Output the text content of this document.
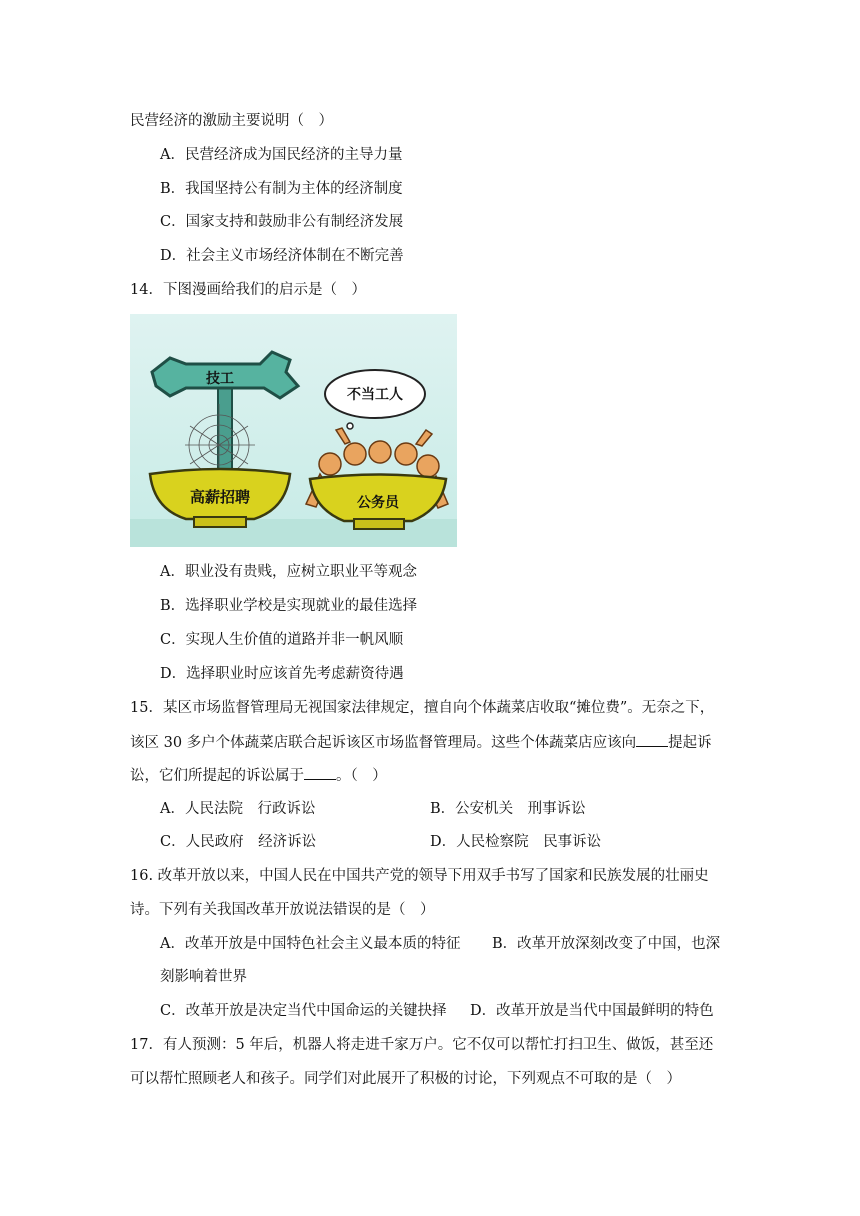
民营经济的激励主要说明（　）
A．民营经济成为国民经济的主导力量
B．我国坚持公有制为主体的经济制度
C．国家支持和鼓励非公有制经济发展
D．社会主义市场经济体制在不断完善
14．下图漫画给我们的启示是（　）
技工
高薪招聘
不当工人
公务员
A．职业没有贵贱，应树立职业平等观念
B．选择职业学校是实现就业的最佳选择
C．实现人生价值的道路并非一帆风顺
D．选择职业时应该首先考虑薪资待遇
15．某区市场监督管理局无视国家法律规定，擅自向个体蔬菜店收取“摊位费”。无奈之下，
该区 30 多户个体蔬菜店联合起诉该区市场监督管理局。这些个体蔬菜店应该向 提起诉
讼，它们所提起的诉讼属于 。（　）
A．人民法院　行政诉讼	B．公安机关　刑事诉讼
C．人民政府　经济诉讼	D．人民检察院　民事诉讼
16. 改革开放以来，中国人民在中国共产党的领导下用双手书写了国家和民族发展的壮丽史
诗。下列有关我国改革开放说法错误的是（　）
A．改革开放是中国特色社会主义最本质的特征 B．改革开放深刻改变了中国，也深
刻影响着世界
C．改革开放是决定当代中国命运的关键抉择 D．改革开放是当代中国最鲜明的特色
17．有人预测：5 年后，机器人将走进千家万户。它不仅可以帮忙打扫卫生、做饭，甚至还
可以帮忙照顾老人和孩子。同学们对此展开了积极的讨论，下列观点不可取的是（　）
